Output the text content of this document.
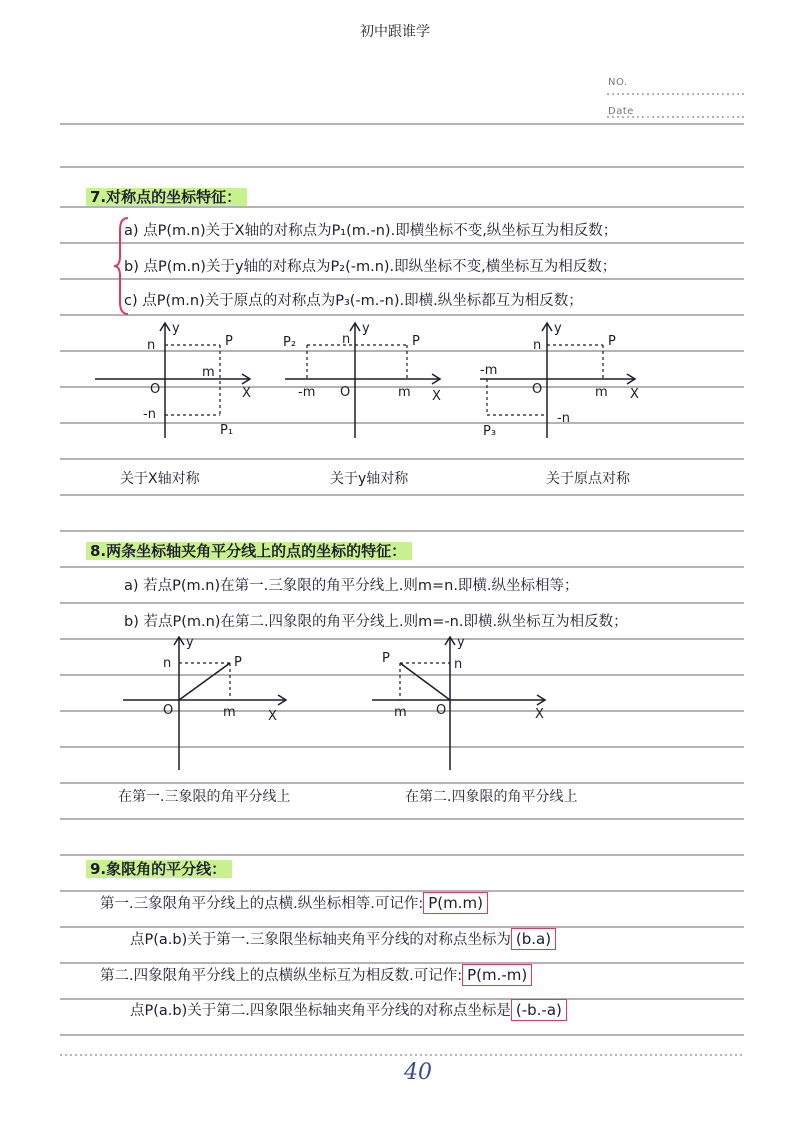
初中跟谁学
NO.
Date
7.对称点的坐标特征：
a) 点P(m.n)关于X轴的对称点为P₁(m.-n).即横坐标不变,纵坐标互为相反数；
b) 点P(m.n)关于y轴的对称点为P₂(-m.n).即纵坐标不变,横坐标互为相反数；
c) 点P(m.n)关于原点的对称点为P₃(-m.-n).即横.纵坐标都互为相反数；
y
n	P
m
O	X
-n
P₁
P₂
y
n	P
-m O	m X
y
n	P
-m
O	m X
-n
P₃
关于X轴对称	关于y轴对称	关于原点对称
8.两条坐标轴夹角平分线上的点的坐标的特征：
a) 若点P(m.n)在第一.三象限的角平分线上.则m=n.即横.纵坐标相等；
b) 若点P(m.n)在第二.四象限的角平分线上.则m=-n.即横.纵坐标互为相反数；
y
n	P
O	m X
P
y
n
m O	X
在第一.三象限的角平分线上	在第二.四象限的角平分线上
9.象限角的平分线：
第一.三象限角平分线上的点横.纵坐标相等.可记作: P(m.m)
点P(a.b)关于第一.三象限坐标轴夹角平分线的对称点坐标为 (b.a)
第二.四象限角平分线上的点横纵坐标互为相反数.可记作: P(m.-m)
点P(a.b)关于第二.四象限坐标轴夹角平分线的对称点坐标是 (-b.-a)
40
